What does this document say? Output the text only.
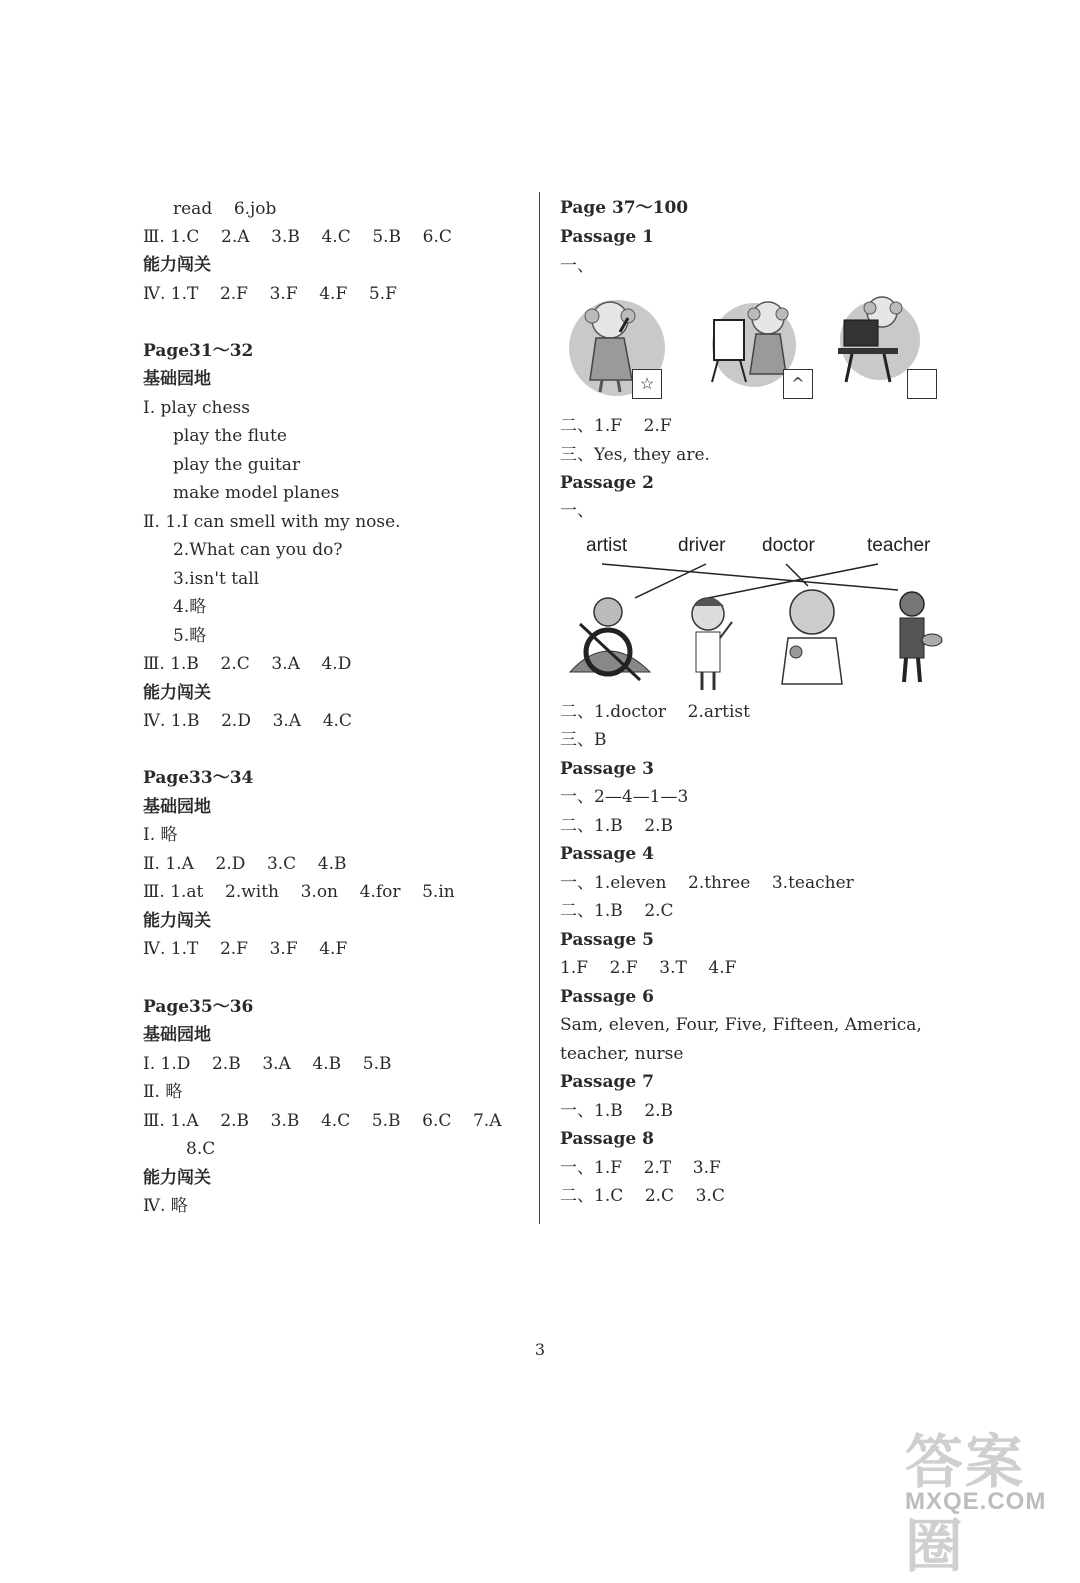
read    6.job
Ⅲ. 1.C    2.A    3.B    4.C    5.B    6.C
能力闯关
Ⅳ. 1.T    2.F    3.F    4.F    5.F
Page31～32
基础园地
Ⅰ. play chess
play the flute
play the guitar
make model planes
Ⅱ. 1.I can smell with my nose.
2.What can you do?
3.isn't tall
4.略
5.略
Ⅲ. 1.B    2.C    3.A    4.D
能力闯关
Ⅳ. 1.B    2.D    3.A    4.C
Page33～34
基础园地
Ⅰ. 略
Ⅱ. 1.A    2.D    3.C    4.B
Ⅲ. 1.at    2.with    3.on    4.for    5.in
能力闯关
Ⅳ. 1.T    2.F    3.F    4.F
Page35～36
基础园地
Ⅰ. 1.D    2.B    3.A    4.B    5.B
Ⅱ. 略
Ⅲ. 1.A    2.B    3.B    4.C    5.B    6.C    7.A
8.C
能力闯关
Ⅳ. 略
Page 37～100
Passage 1
一、
☆	^
二、1.F    2.F
三、Yes, they are.
Passage 2
一、
artist	driver doctor	teacher
二、1.doctor    2.artist
三、B
Passage 3
一、2—4—1—3
二、1.B    2.B
Passage 4
一、1.eleven    2.three    3.teacher
二、1.B    2.C
Passage 5
1.F    2.F    3.T    4.F
Passage 6
Sam, eleven, Four, Five, Fifteen, America,
teacher, nurse
Passage 7
一、1.B    2.B
Passage 8
一、1.F    2.T    3.F
二、1.C    2.C    3.C
3
答案圈
MXQE.COM
